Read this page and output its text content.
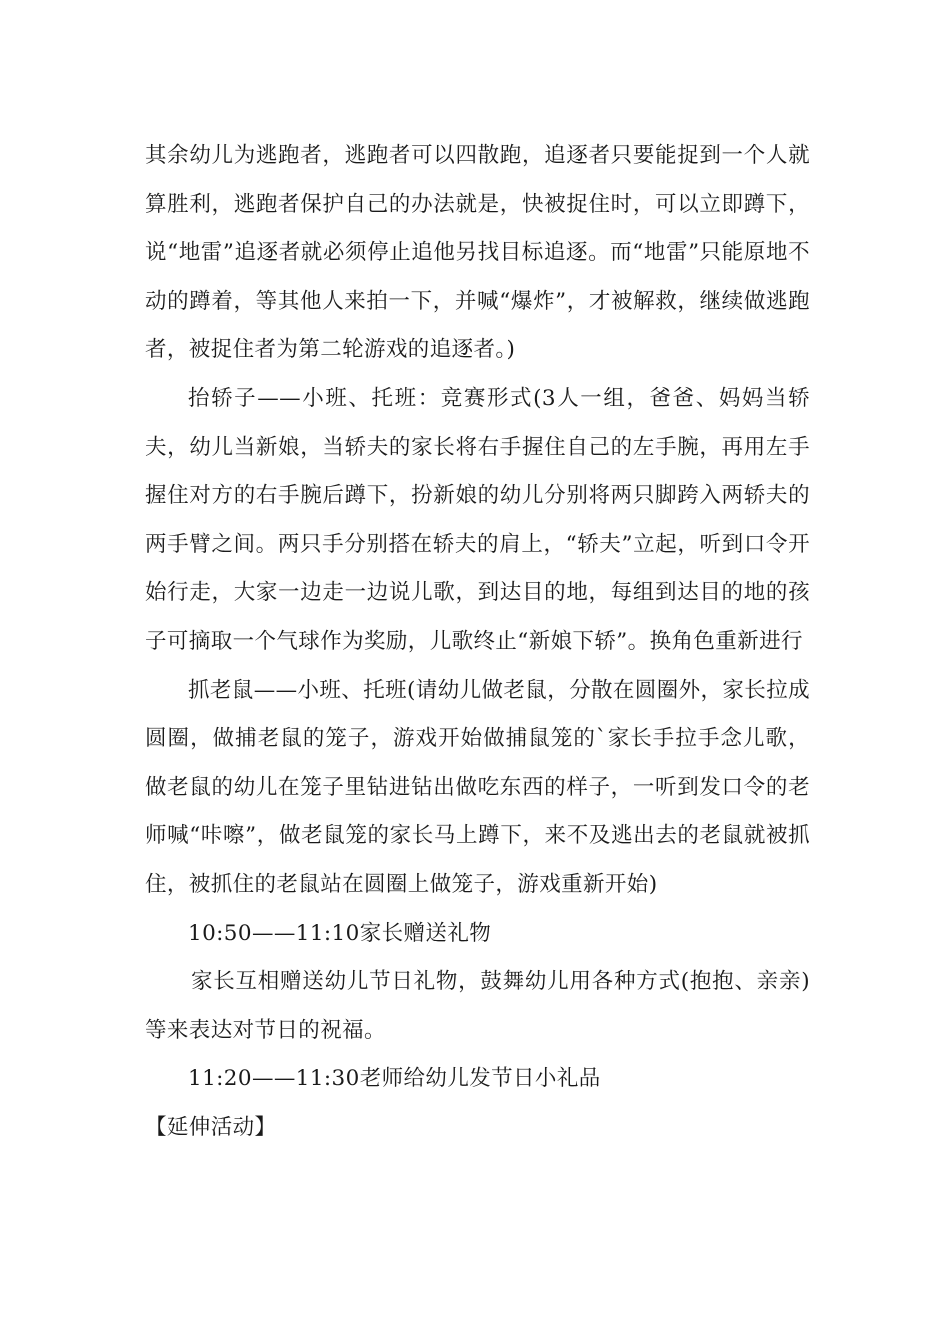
其余幼儿为逃跑者，逃跑者可以四散跑，追逐者只要能捉到一个人就算胜利，逃跑者保护自己的办法就是，快被捉住时，可以立即蹲下，说“地雷”追逐者就必须停止追他另找目标追逐。而“地雷”只能原地不动的蹲着，等其他人来拍一下，并喊“爆炸”，才被解救，继续做逃跑者，被捉住者为第二轮游戏的追逐者。)

抬轿子——小班、托班：竞赛形式(3人一组，爸爸、妈妈当轿夫，幼儿当新娘，当轿夫的家长将右手握住自己的左手腕，再用左手握住对方的右手腕后蹲下，扮新娘的幼儿分别将两只脚跨入两轿夫的两手臂之间。两只手分别搭在轿夫的肩上，“轿夫”立起，听到口令开始行走，大家一边走一边说儿歌，到达目的地，每组到达目的地的孩子可摘取一个气球作为奖励，儿歌终止“新娘下轿”。换角色重新进行

抓老鼠——小班、托班(请幼儿做老鼠，分散在圆圈外，家长拉成圆圈，做捕老鼠的笼子，游戏开始做捕鼠笼的`家长手拉手念儿歌，做老鼠的幼儿在笼子里钻进钻出做吃东西的样子，一听到发口令的老师喊“咔嚓”，做老鼠笼的家长马上蹲下，来不及逃出去的老鼠就被抓住，被抓住的老鼠站在圆圈上做笼子，游戏重新开始)

10:50——11:10家长赠送礼物

家长互相赠送幼儿节日礼物，鼓舞幼儿用各种方式(抱抱、亲亲)等来表达对节日的祝福。

11:20——11:30老师给幼儿发节日小礼品

【延伸活动】
